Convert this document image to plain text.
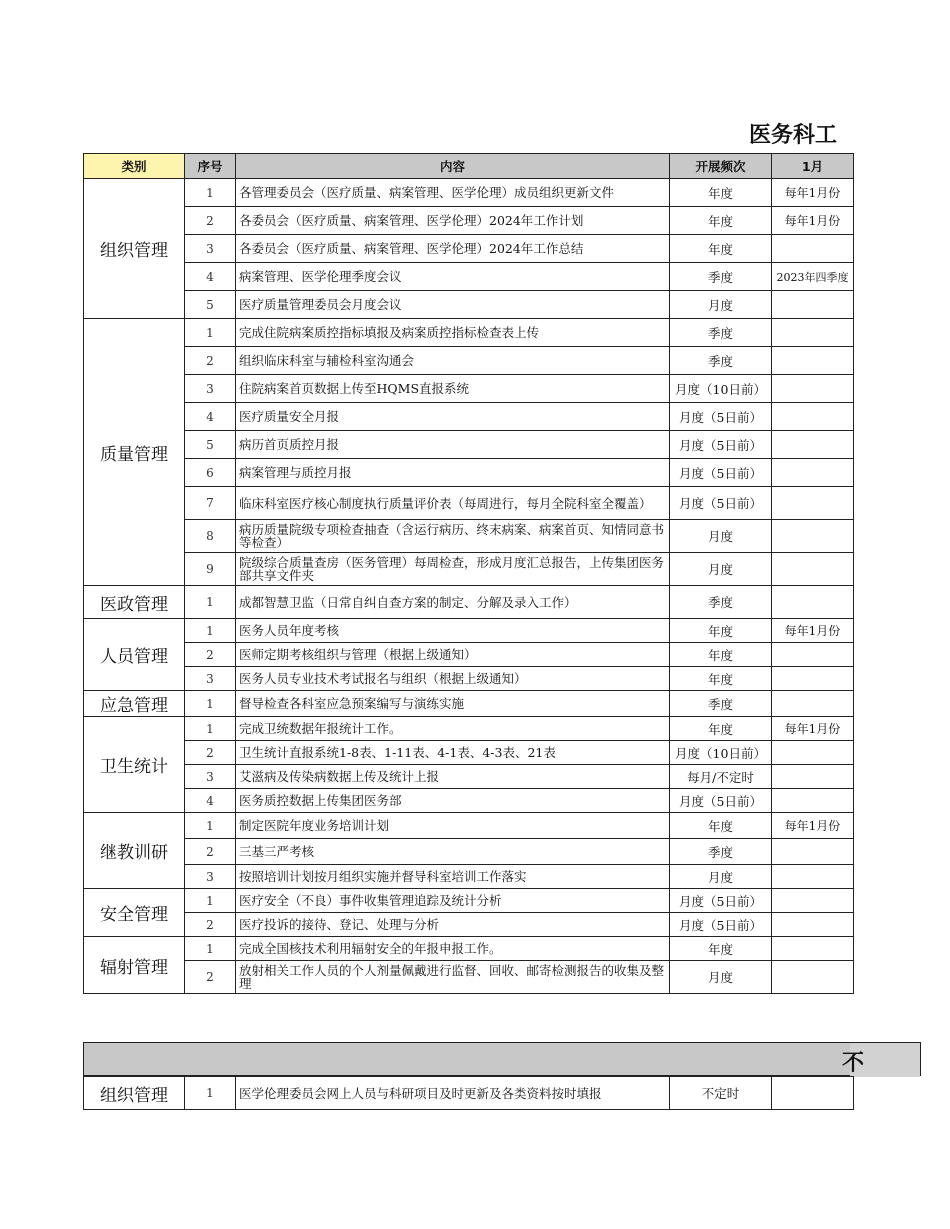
医务科工
类别	序号	内容	开展频次	1月
组织管理	1	各管理委员会（医疗质量、病案管理、医学伦理）成员组织更新文件	年度	每年1月份
	2	各委员会（医疗质量、病案管理、医学伦理）2024年工作计划	年度	每年1月份
	3	各委员会（医疗质量、病案管理、医学伦理）2024年工作总结	年度	
	4	病案管理、医学伦理季度会议	季度	2023年四季度
	5	医疗质量管理委员会月度会议	月度	
质量管理	1	完成住院病案质控指标填报及病案质控指标检查表上传	季度	
	2	组织临床科室与辅检科室沟通会	季度	
	3	住院病案首页数据上传至HQMS直报系统	月度（10日前）	
	4	医疗质量安全月报	月度（5日前）	
	5	病历首页质控月报	月度（5日前）	
	6	病案管理与质控月报	月度（5日前）	
	7	临床科室医疗核心制度执行质量评价表（每周进行，每月全院科室全覆盖）	月度（5日前）	
	8	病历质量院级专项检查抽查（含运行病历、终末病案、病案首页、知情同意书等检查）	月度	
	9	院级综合质量查房（医务管理）每周检查，形成月度汇总报告，上传集团医务部共享文件夹	月度	
医政管理	1	成都智慧卫监（日常自纠自查方案的制定、分解及录入工作）	季度	
人员管理	1	医务人员年度考核	年度	每年1月份
	2	医师定期考核组织与管理（根据上级通知）	年度	
	3	医务人员专业技术考试报名与组织（根据上级通知）	年度	
应急管理	1	督导检查各科室应急预案编写与演练实施	季度	
卫生统计	1	完成卫统数据年报统计工作。	年度	每年1月份
	2	卫生统计直报系统1-8表、1-11表、4-1表、4-3表、21表	月度（10日前）	
	3	艾滋病及传染病数据上传及统计上报	每月/不定时	
	4	医务质控数据上传集团医务部	月度（5日前）	
继教训研	1	制定医院年度业务培训计划	年度	每年1月份
	2	三基三严考核	季度	
	3	按照培训计划按月组织实施并督导科室培训工作落实	月度	
安全管理	1	医疗安全（不良）事件收集管理追踪及统计分析	月度（5日前）	
	2	医疗投诉的接待、登记、处理与分析	月度（5日前）	
辐射管理	1	完成全国核技术利用辐射安全的年报申报工作。	年度	
	2	放射相关工作人员的个人剂量佩戴进行监督、回收、邮寄检测报告的收集及整理	月度	
不
组织管理	1	医学伦理委员会网上人员与科研项目及时更新及各类资料按时填报	不定时	
